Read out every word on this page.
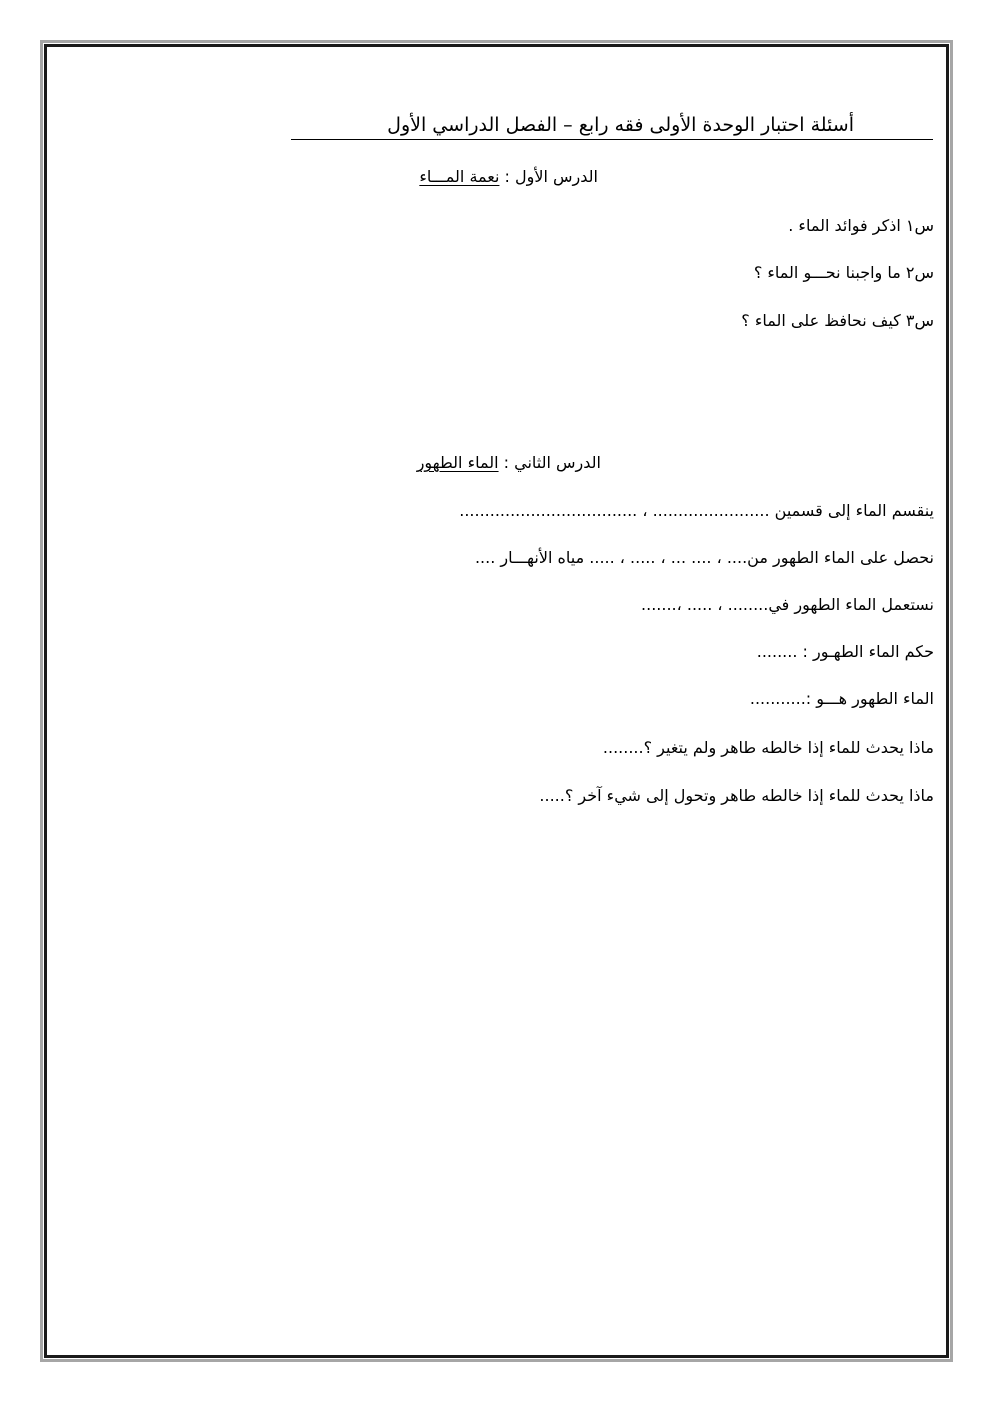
أسئلة احتبار الوحدة الأولى فقه رابع – الفصل الدراسي الأول
الدرس الأول : نعمة المـــاء
س١ اذكر فوائد الماء .
س٢ ما واجبنا نحـــو الماء ؟
س٣ كيف نحافظ على الماء ؟
الدرس الثاني : الماء الطهور
ينقسم الماء إلى قسمين ....................... ، ...................................
نحصل على الماء الطهور من.... ، .... ... ، ..... ، ..... مياه الأنهـــار ....
نستعمل الماء الطهور في........ ، ..... ،.......
حكم الماء الطهـور : ........
الماء الطهور هـــو :...........
ماذا يحدث للماء إذا خالطه طاهر ولم يتغير ؟........
ماذا يحدث للماء إذا خالطه طاهر وتحول إلى شيء آخر ؟.....
